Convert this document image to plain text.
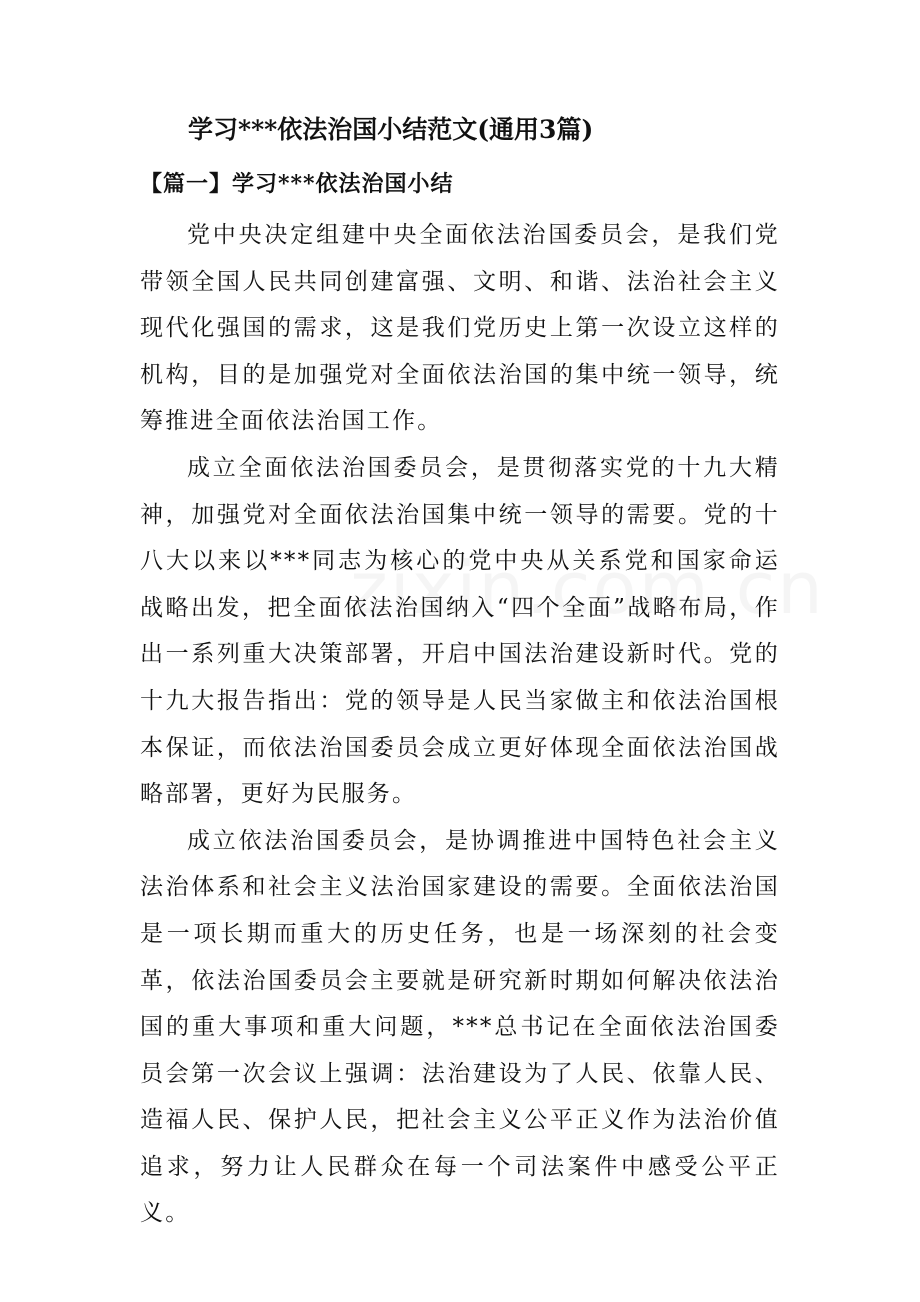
学习***依法治国小结范文(通用3篇)
【篇一】学习***依法治国小结

党中央决定组建中央全面依法治国委员会，是我们党带领全国人民共同创建富强、文明、和谐、法治社会主义现代化强国的需求，这是我们党历史上第一次设立这样的机构，目的是加强党对全面依法治国的集中统一领导，统筹推进全面依法治国工作。

成立全面依法治国委员会，是贯彻落实党的十九大精神，加强党对全面依法治国集中统一领导的需要。党的十八大以来以***同志为核心的党中央从关系党和国家命运战略出发，把全面依法治国纳入“四个全面”战略布局，作出一系列重大决策部署，开启中国法治建设新时代。党的十九大报告指出：党的领导是人民当家做主和依法治国根本保证，而依法治国委员会成立更好体现全面依法治国战略部署，更好为民服务。

成立依法治国委员会，是协调推进中国特色社会主义法治体系和社会主义法治国家建设的需要。全面依法治国是一项长期而重大的历史任务，也是一场深刻的社会变革，依法治国委员会主要就是研究新时期如何解决依法治国的重大事项和重大问题，***总书记在全面依法治国委员会第一次会议上强调：法治建设为了人民、依靠人民、造福人民、保护人民，把社会主义公平正义作为法治价值追求，努力让人民群众在每一个司法案件中感受公平正义。
